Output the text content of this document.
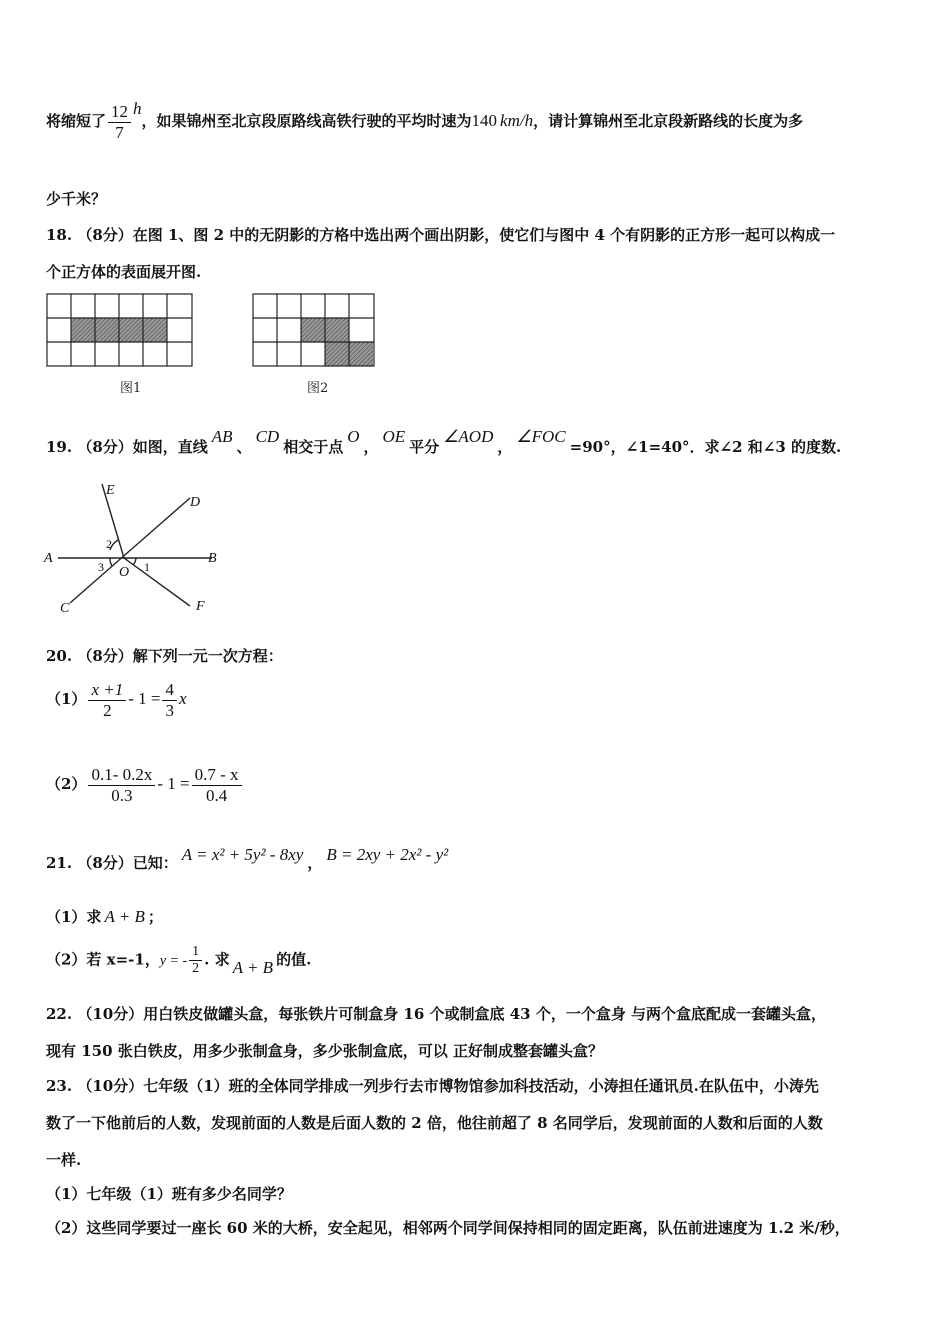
将缩短了 $\frac{12}{7}$ h，如果锦州至北京段原路线高铁行驶的平均时速为140 km/h，请计算锦州至北京段新路线的长度为多
少千米？
18. （8分）在图 1、图 2 中的无阴影的方格中选出两个画出阴影，使它们与图中 4 个有阴影的正方形一起可以构成一
个正方体的表面展开图.
图1	图2
19. （8分）如图，直线AB、CD相交于点O，OE平分∠AOD，∠FOC=90°，∠1=40°．求∠2 和∠3 的度数.
E
D
A	B
C	F
O 1
2
3
20. （8分）解下列一元一次方程：
$(1) \frac{x +1}{2} - 1 = \frac{4}{3}$ x
$(2) \frac{0.1- 0.2x}{0.3} - 1 = \frac{0.7 - x}{0.4}$
21. （8分）已知： A = x² + 5y² - 8xy ， B = 2xy + 2x² - y²
（1）求 A + B ；
（2）若 x=-1，y = - $\frac{1}{2}$ . 求 A + B 的值.
22. （10分）用白铁皮做罐头盒，每张铁片可制盒身 16 个或制盒底 43 个，一个盒身 与两个盒底配成一套罐头盒，
现有 150 张白铁皮，用多少张制盒身，多少张制盒底，可以 正好制成整套罐头盒？
23. （10分）七年级（1）班的全体同学排成一列步行去市博物馆参加科技活动，小涛担任通讯员.在队伍中，小涛先
数了一下他前后的人数，发现前面的人数是后面人数的 2 倍，他往前超了 8 名同学后，发现前面的人数和后面的人数
一样.
（1）七年级（1）班有多少名同学？
（2）这些同学要过一座长 60 米的大桥，安全起见，相邻两个同学间保持相同的固定距离，队伍前进速度为 1.2 米/秒，
